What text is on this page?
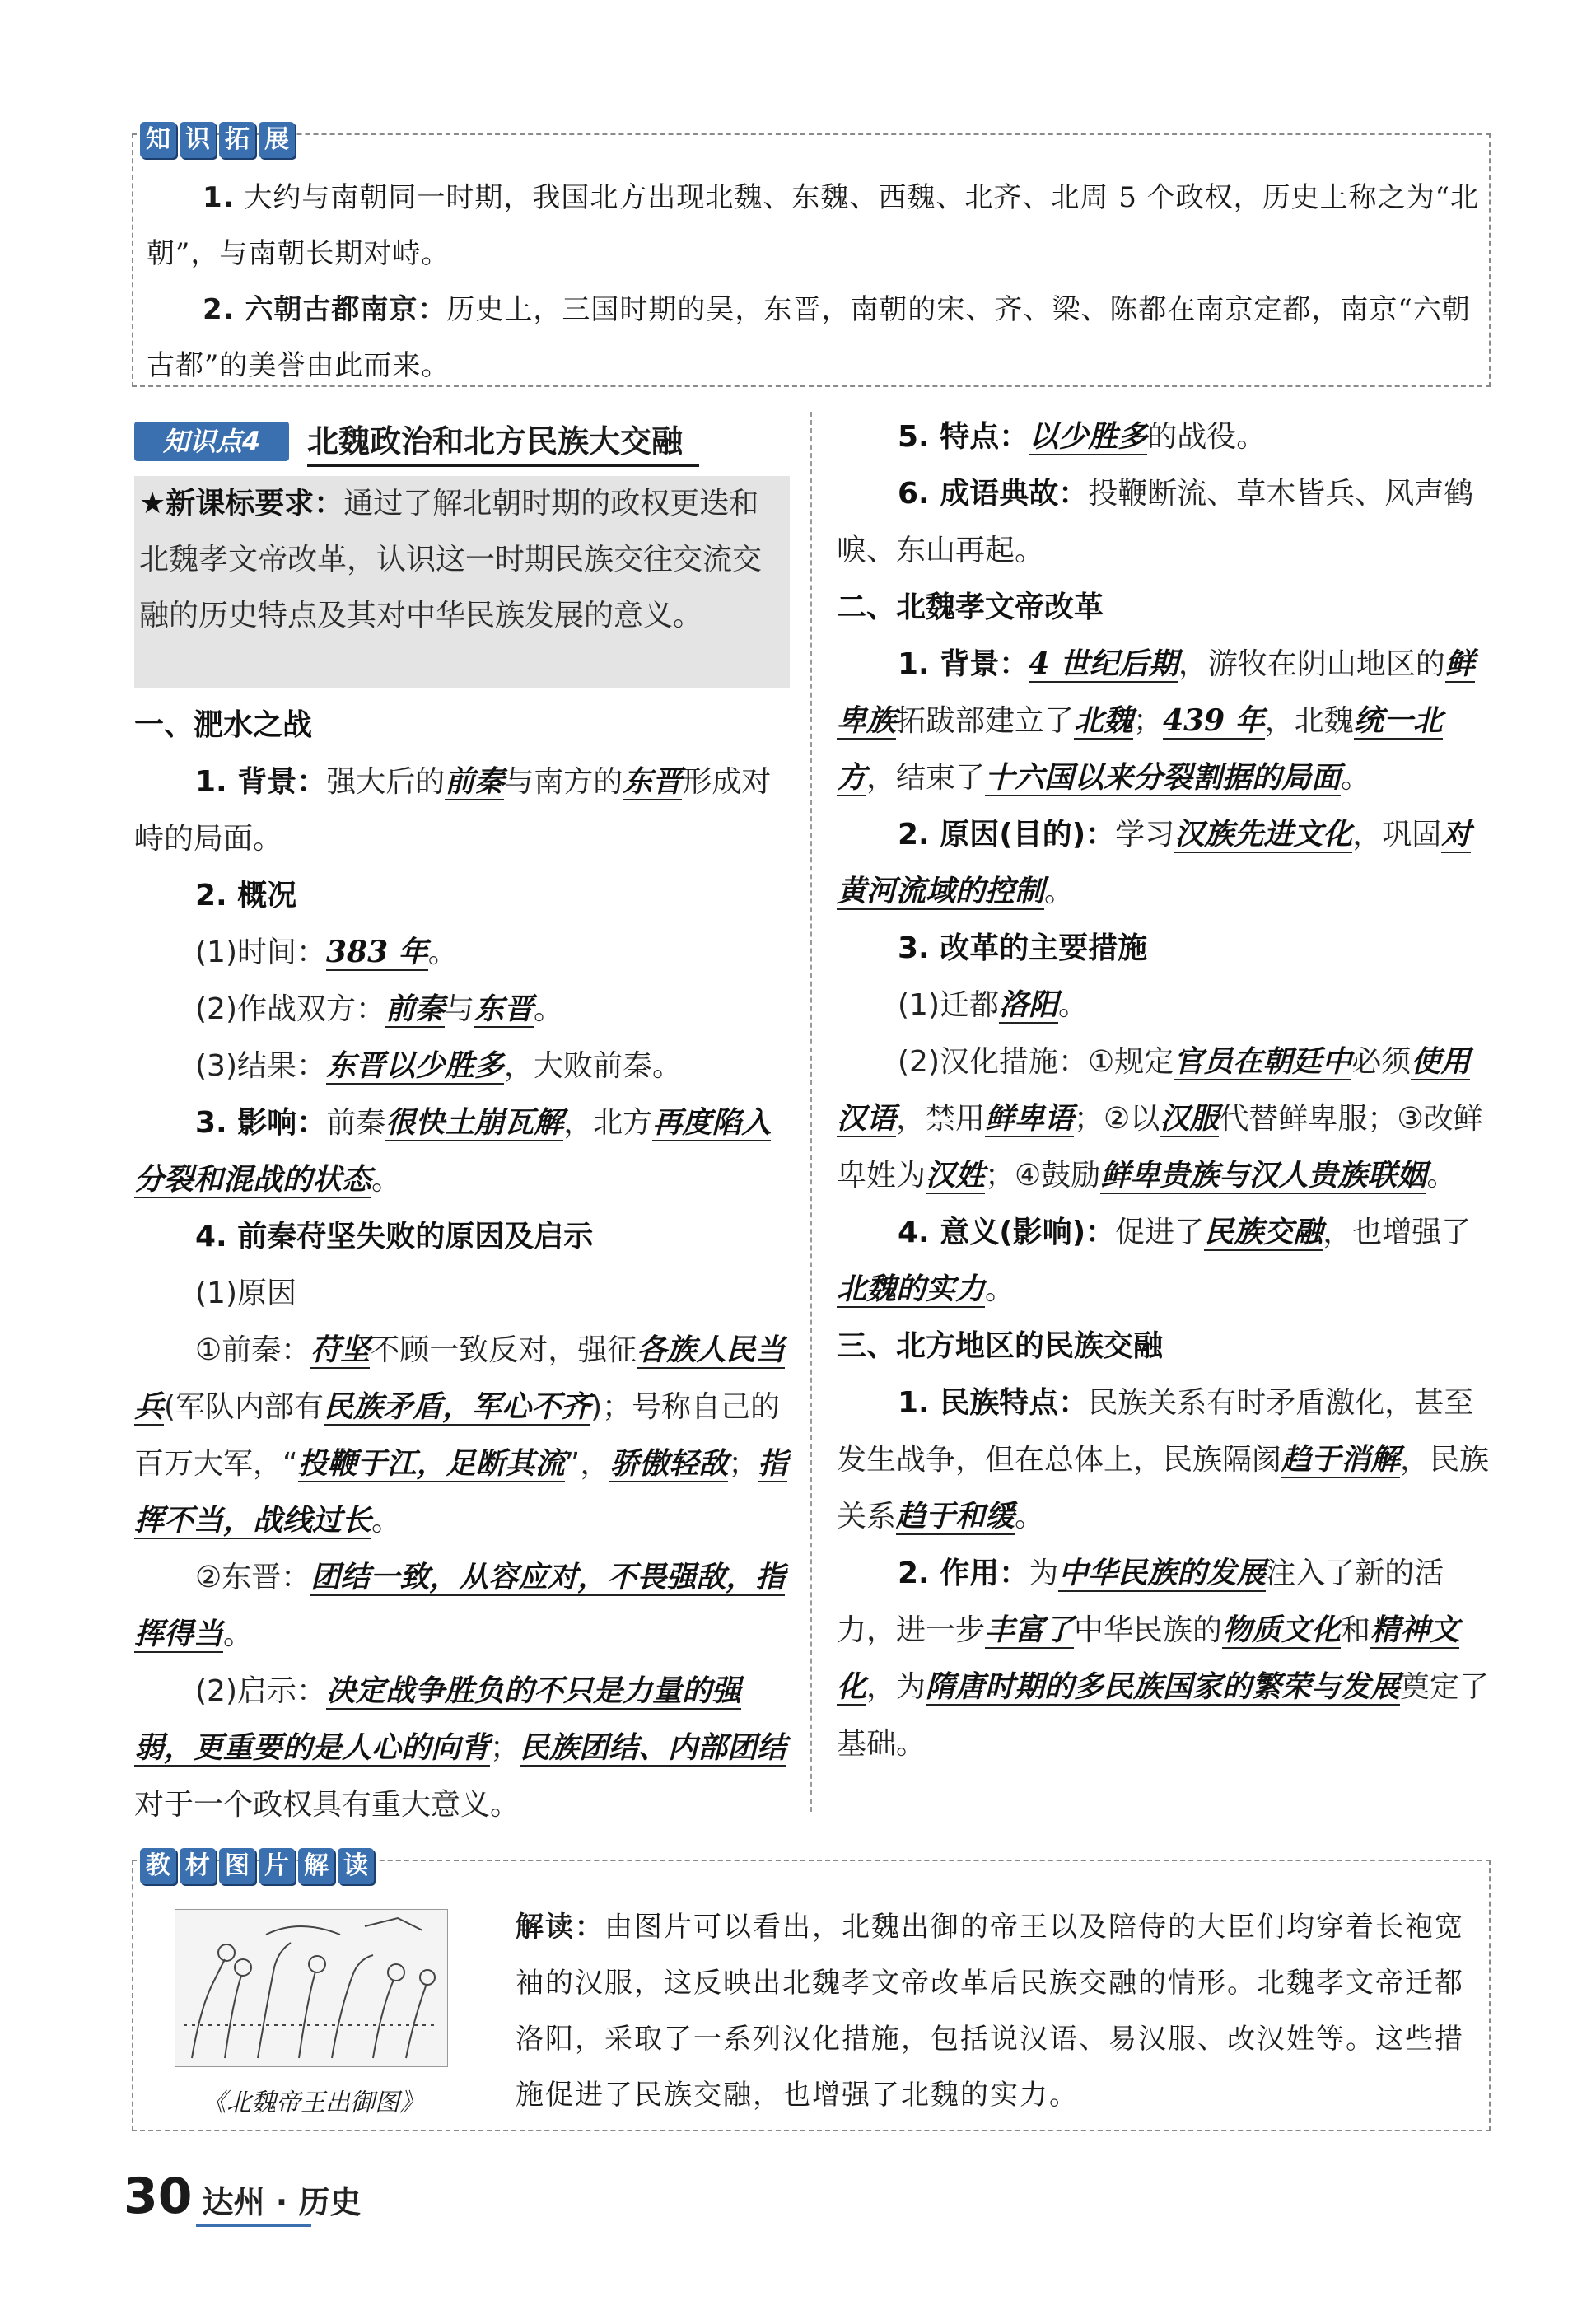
知 识 拓 展

1. 大约与南朝同一时期，我国北方出现北魏、东魏、西魏、北齐、北周 5 个政权，历史上称之为“北朝”，与南朝长期对峙。

2. 六朝古都南京：历史上，三国时期的吴，东晋，南朝的宋、齐、梁、陈都在南京定都，南京“六朝古都”的美誉由此而来。

知识点4	北魏政治和北方民族大交融
★新课标要求：通过了解北朝时期的政权更迭和北魏孝文帝改革，认识这一时期民族交往交流交融的历史特点及其对中华民族发展的意义。

一、淝水之战

1. 背景：强大后的前秦与南方的东晋形成对峙的局面。

2. 概况

(1)时间：383 年。

(2)作战双方：前秦与东晋。

(3)结果：东晋以少胜多，大败前秦。

3. 影响：前秦很快土崩瓦解，北方再度陷入分裂和混战的状态。

4. 前秦苻坚失败的原因及启示

(1)原因

①前秦：苻坚不顾一致反对，强征各族人民当兵(军队内部有民族矛盾，军心不齐)；号称自己的百万大军，“投鞭于江，足断其流”，骄傲轻敌；指挥不当，战线过长。

②东晋：团结一致，从容应对，不畏强敌，指挥得当。

(2)启示：决定战争胜负的不只是力量的强弱，更重要的是人心的向背；民族团结、内部团结对于一个政权具有重大意义。

5. 特点：以少胜多的战役。

6. 成语典故：投鞭断流、草木皆兵、风声鹤唳、东山再起。

二、北魏孝文帝改革

1. 背景：4 世纪后期，游牧在阴山地区的鲜卑族拓跋部建立了北魏；439 年，北魏统一北方，结束了十六国以来分裂割据的局面。

2. 原因(目的)：学习汉族先进文化，巩固对黄河流域的控制。

3. 改革的主要措施

(1)迁都洛阳。

(2)汉化措施：①规定官员在朝廷中必须使用汉语，禁用鲜卑语；②以汉服代替鲜卑服；③改鲜卑姓为汉姓；④鼓励鲜卑贵族与汉人贵族联姻。

4. 意义(影响)：促进了民族交融，也增强了北魏的实力。

三、北方地区的民族交融

1. 民族特点：民族关系有时矛盾激化，甚至发生战争，但在总体上，民族隔阂趋于消解，民族关系趋于和缓。

2. 作用：为中华民族的发展注入了新的活力，进一步丰富了中华民族的物质文化和精神文化，为隋唐时期的多民族国家的繁荣与发展奠定了基础。

教 材 图 片 解 读
《北魏帝王出御图》
解读：由图片可以看出，北魏出御的帝王以及陪侍的大臣们均穿着长袍宽袖的汉服，这反映出北魏孝文帝改革后民族交融的情形。北魏孝文帝迁都洛阳，采取了一系列汉化措施，包括说汉语、易汉服、改汉姓等。这些措施促进了民族交融，也增强了北魏的实力。
30 达州 · 历史
